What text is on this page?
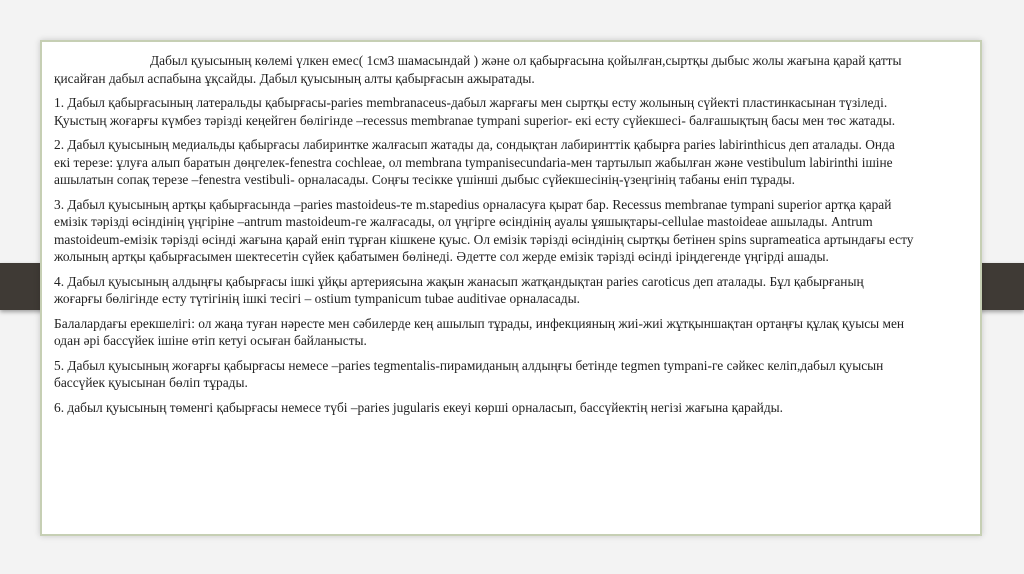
Дабыл қуысының көлемі үлкен емес( 1см3 шамасындай ) және ол қабырғасына қойылған,сыртқы дыбыс жолы жағына қарай қатты қисайған дабыл аспабына ұқсайды. Дабыл қуысының алты қабырғасын ажыратады.

1. Дабыл қабырғасының латеральды қабырғасы-paries membranaceus-дабыл жарғағы мен сыртқы есту жолының сүйекті пластинкасынан түзіледі. Қуыстың жоғарғы күмбез тәрізді кеңейген бөлігінде –recessus membranae tympani superior- екі есту сүйекшесі- балғашықтың басы мен төс жатады.

2. Дабыл қуысының медиальды қабырғасы лабиринтке жалғасып жатады да, сондықтан лабиринттік қабырға paries labirinthicus деп аталады. Онда екі терезе: ұлуға алып баратын дөңгелек-fenestra cochleae, ол membrana tympanisecundaria-мен тартылып жабылған және vestibulum labirinthi ішіне ашылатын сопақ терезе –fenestra vestibuli- орналасады. Соңғы тесікке үшінші дыбыс сүйекшесінің-үзеңгінің табаны еніп тұрады.

3. Дабыл қуысының артқы қабырғасында –paries mastoideus-те m.stapedius орналасуға қырат бар. Recessus membranae tympani superior артқа қарай емізік тәрізді өсіндінің үңгіріне –antrum mastoideum-ге жалғасады, ол үңгірге өсіндінің ауалы ұяшықтары-cellulae mastoideae ашылады. Antrum mastoideum-емізік тәрізді өсінді жағына қарай еніп тұрған кішкене қуыс. Ол емізік тәрізді өсіндінің сыртқы бетінен spins suprameatica артындағы есту жолының артқы қабырғасымен шектесетін сүйек қабатымен бөлінеді. Әдетте сол жерде емізік тәрізді өсінді іріңдегенде үңгірді ашады.

4. Дабыл қуысының алдыңғы қабырғасы ішкі ұйқы артериясына жақын жанасып жатқандықтан paries caroticus деп аталады. Бұл қабырғаның жоғарғы бөлігінде есту түтігінің ішкі тесігі – ostium tympanicum tubae auditivae орналасады.

Балалардағы ерекшелігі: ол жаңа туған нәресте мен сәбилерде кең ашылып тұрады, инфекцияның жиі-жиі жұтқыншақтан ортаңғы құлақ қуысы мен одан әрі бассүйек ішіне өтіп кетуі осыған байланысты.

5. Дабыл қуысының жоғарғы қабырғасы немесе –paries tegmentalis-пирамиданың алдыңғы бетінде tegmen tympani-ге сәйкес келіп,дабыл қуысын бассүйек қуысынан бөліп тұрады.

6. дабыл қуысының төменгі қабырғасы немесе түбі –paries jugularis екеуі көрші орналасып, бассүйектің негізі жағына қарайды.
